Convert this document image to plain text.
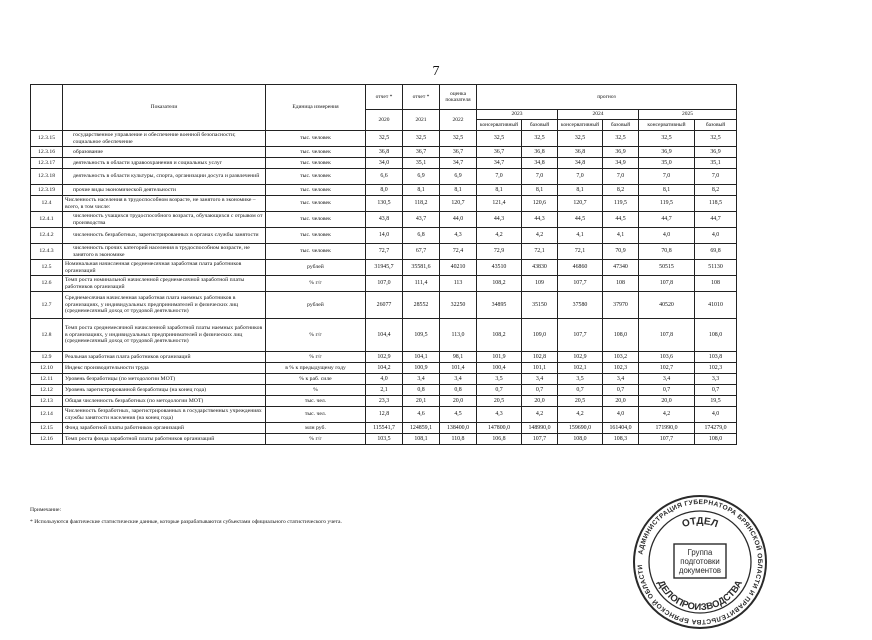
7
	Показатели	Единица измерения	отчет *	отчет *	оценка показателя	прогноз					
			2020	2021	2022	2023		2024		2025	
						консервативный	базовый	консервативный	базовый	консервативный	базовый
12.3.15	государственное управление и обеспечение военной безопасности; социальное обеспечение	тыс. человек	32,5	32,5	32,5	32,5	32,5	32,5	32,5	32,5	32,5
12.3.16	образование	тыс. человек	36,8	36,7	36,7	36,7	36,8	36,8	36,9	36,9	36,9
12.3.17	деятельность в области здравоохранения и социальных услуг	тыс. человек	34,0	35,1	34,7	34,7	34,8	34,8	34,9	35,0	35,1
12.3.18	деятельность в области культуры, спорта, организации досуга и развлечений	тыс. человек	6,6	6,9	6,9	7,0	7,0	7,0	7,0	7,0	7,0
12.3.19	прочие виды экономической деятельности	тыс. человек	8,0	8,1	8,1	8,1	8,1	8,1	8,2	8,1	8,2
12.4	Численность населения в трудоспособном возрасте, не занятого в экономике – всего, в том числе:	тыс. человек	130,5	118,2	120,7	121,4	120,6	120,7	119,5	119,5	118,5
12.4.1	численность учащихся трудоспособного возраста, обучающихся с отрывом от производства	тыс. человек	43,8	43,7	44,0	44,3	44,3	44,5	44,5	44,7	44,7
12.4.2	численность безработных, зарегистрированных в органах службы занятости	тыс. человек	14,0	6,8	4,3	4,2	4,2	4,1	4,1	4,0	4,0
12.4.3	численность прочих категорий населения в трудоспособном возрасте, не занятого в экономике	тыс. человек	72,7	67,7	72,4	72,9	72,1	72,1	70,9	70,8	69,8
12.5	Номинальная начисленная среднемесячная заработная плата работников организаций	рублей	31945,7	35581,6	40210	43510	43830	46860	47340	50515	51130
12.6	Темп роста номинальной начисленной среднемесячной заработной платы работников организаций	% г/г	107,0	111,4	113	108,2	109	107,7	108	107,8	108
12.7	Среднемесячная начисленная заработная плата наемных работников в организациях, у индивидуальных предпринимателей и физических лиц (среднемесячный доход от трудовой деятельности)	рублей	26077	28552	32250	34895	35150	37580	37970	40520	41010
12.8	Темп роста среднемесячной начисленной заработной платы наемных работников в организациях, у индивидуальных предпринимателей и физических лиц (среднемесячный доход от трудовой деятельности)	% г/г	104,4	109,5	113,0	108,2	109,0	107,7	108,0	107,8	108,0
12.9	Реальная заработная плата работников организаций	% г/г	102,9	104,1	98,1	101,9	102,8	102,9	103,2	103,6	103,8
12.10	Индекс производительности труда	в % к предыдущему году	104,2	100,9	101,4	100,4	101,1	102,1	102,3	102,7	102,3
12.11	Уровень безработицы (по методологии МОТ)	% к раб. силе	4,0	3,4	3,4	3,5	3,4	3,5	3,4	3,4	3,3
12.12	Уровень зарегистрированной безработицы (на конец года)	%	2,1	0,8	0,8	0,7	0,7	0,7	0,7	0,7	0,7
12.13	Общая численность безработных (по методологии МОТ)	тыс. чел.	23,3	20,1	20,0	20,5	20,0	20,5	20,0	20,0	19,5
12.14	Численность безработных, зарегистрированных в государственных учреждениях службы занятости населения (на конец года)	тыс. чел.	12,8	4,6	4,5	4,3	4,2	4,2	4,0	4,2	4,0
12.15	Фонд заработной платы работников организаций	млн руб.	115541,7	124859,1	138400,0	147800,0	148990,0	159690,0	161404,0	171990,0	174279,0
12.16	Темп роста фонда заработной платы работников организаций	% г/г	103,5	108,1	110,8	106,8	107,7	108,0	108,3	107,7	108,0
Примечание:
* Используются фактические статистические данные, которые разрабатываются субъектами официального статистического учета.
АДМИНИСТРАЦИЯ ГУБЕРНАТОРА БРЯНСКОЙ ОБЛАСТИ И ПРАВИТЕЛЬСТВА БРЯНСКОЙ ОБЛАСТИ
ОТДЕЛ
ДЕЛОПРОИЗВОДСТВА
Группа
подготовки
документов
